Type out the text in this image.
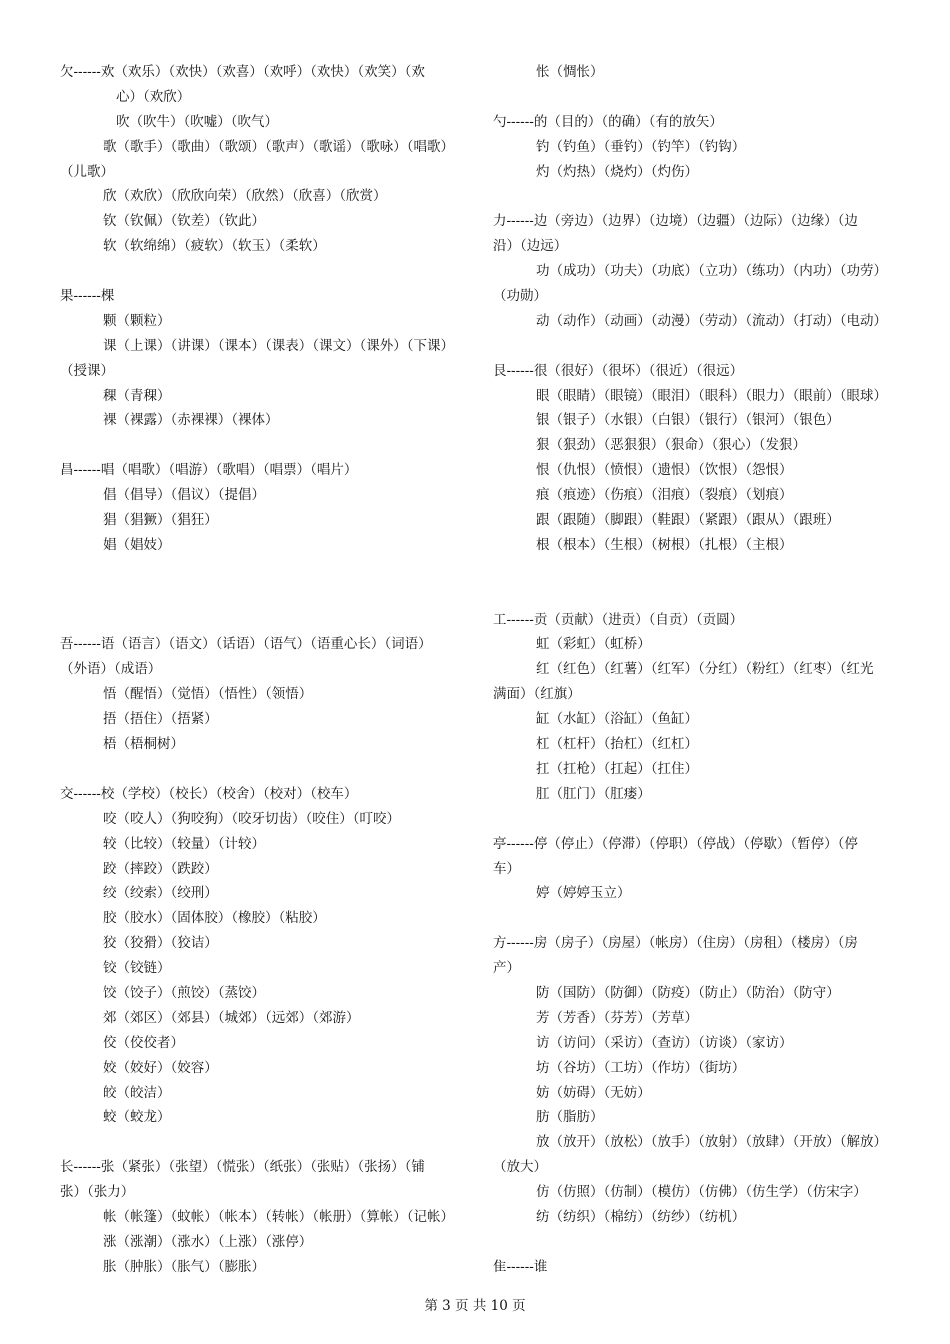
欠------欢（欢乐）（欢快）（欢喜）（欢呼）（欢快）（欢笑）（欢
心）（欢欣）
吹（吹牛）（吹嘘）（吹气）
歌（歌手）（歌曲）（歌颂）（歌声）（歌谣）（歌咏）（唱歌）
（儿歌）
欣（欢欣）（欣欣向荣）（欣然）（欣喜）（欣赏）
钦（钦佩）（钦差）（钦此）
软（软绵绵）（疲软）（软玉）（柔软）
果------棵
颗（颗粒）
课（上课）（讲课）（课本）（课表）（课文）（课外）（下课）
（授课）
稞（青稞）
裸（裸露）（赤裸裸）（裸体）
昌------唱（唱歌）（唱游）（歌唱）（唱票）（唱片）
倡（倡导）（倡议）（提倡）
猖（猖獗）（猖狂）
娼（娼妓）
吾------语（语言）（语文）（话语）（语气）（语重心长）（词语）
（外语）（成语）
悟（醒悟）（觉悟）（悟性）（领悟）
捂（捂住）（捂紧）
梧（梧桐树）
交------校（学校）（校长）（校舍）（校对）（校车）
咬（咬人）（狗咬狗）（咬牙切齿）（咬住）（叮咬）
较（比较）（较量）（计较）
跤（摔跤）（跌跤）
绞（绞索）（绞刑）
胶（胶水）（固体胶）（橡胶）（粘胶）
狡（狡猾）（狡诘）
铰（铰链）
饺（饺子）（煎饺）（蒸饺）
郊（郊区）（郊县）（城郊）（远郊）（郊游）
佼（佼佼者）
姣（姣好）（姣容）
皎（皎洁）
蛟（蛟龙）
长------张（紧张）（张望）（慌张）（纸张）（张贴）（张扬）（铺
张）（张力）
帐（帐篷）（蚊帐）（帐本）（转帐）（帐册）（算帐）（记帐）
涨（涨潮）（涨水）（上涨）（涨停）
胀（肿胀）（胀气）（膨胀）
怅（惆怅）
勺------的（目的）（的确）（有的放矢）
钓（钓鱼）（垂钓）（钓竿）（钓钩）
灼（灼热）（烧灼）（灼伤）
力------边（旁边）（边界）（边境）（边疆）（边际）（边缘）（边
沿）（边远）
功（成功）（功夫）（功底）（立功）（练功）（内功）（功劳）
（功勋）
动（动作）（动画）（动漫）（劳动）（流动）（打动）（电动）
艮------很（很好）（很坏）（很近）（很远）
眼（眼睛）（眼镜）（眼泪）（眼科）（眼力）（眼前）（眼球）
银（银子）（水银）（白银）（银行）（银河）（银色）
狠（狠劲）（恶狠狠）（狠命）（狠心）（发狠）
恨（仇恨）（愤恨）（遗恨）（饮恨）（怨恨）
痕（痕迹）（伤痕）（泪痕）（裂痕）（划痕）
跟（跟随）（脚跟）（鞋跟）（紧跟）（跟从）（跟班）
根（根本）（生根）（树根）（扎根）（主根）
工------贡（贡献）（进贡）（自贡）（贡圆）
虹（彩虹）（虹桥）
红（红色）（红薯）（红军）（分红）（粉红）（红枣）（红光
满面）（红旗）
缸（水缸）（浴缸）（鱼缸）
杠（杠杆）（抬杠）（红杠）
扛（扛枪）（扛起）（扛住）
肛（肛门）（肛瘘）
亭------停（停止）（停滞）（停职）（停战）（停歇）（暂停）（停
车）
婷（婷婷玉立）
方------房（房子）（房屋）（帐房）（住房）（房租）（楼房）（房
产）
防（国防）（防御）（防疫）（防止）（防治）（防守）
芳（芳香）（芬芳）（芳草）
访（访问）（采访）（查访）（访谈）（家访）
坊（谷坊）（工坊）（作坊）（街坊）
妨（妨碍）（无妨）
肪（脂肪）
放（放开）（放松）（放手）（放射）（放肆）（开放）（解放）
（放大）
仿（仿照）（仿制）（模仿）（仿佛）（仿生学）（仿宋字）
纺（纺织）（棉纺）（纺纱）（纺机）
隹------谁
第 3 页 共 10 页
